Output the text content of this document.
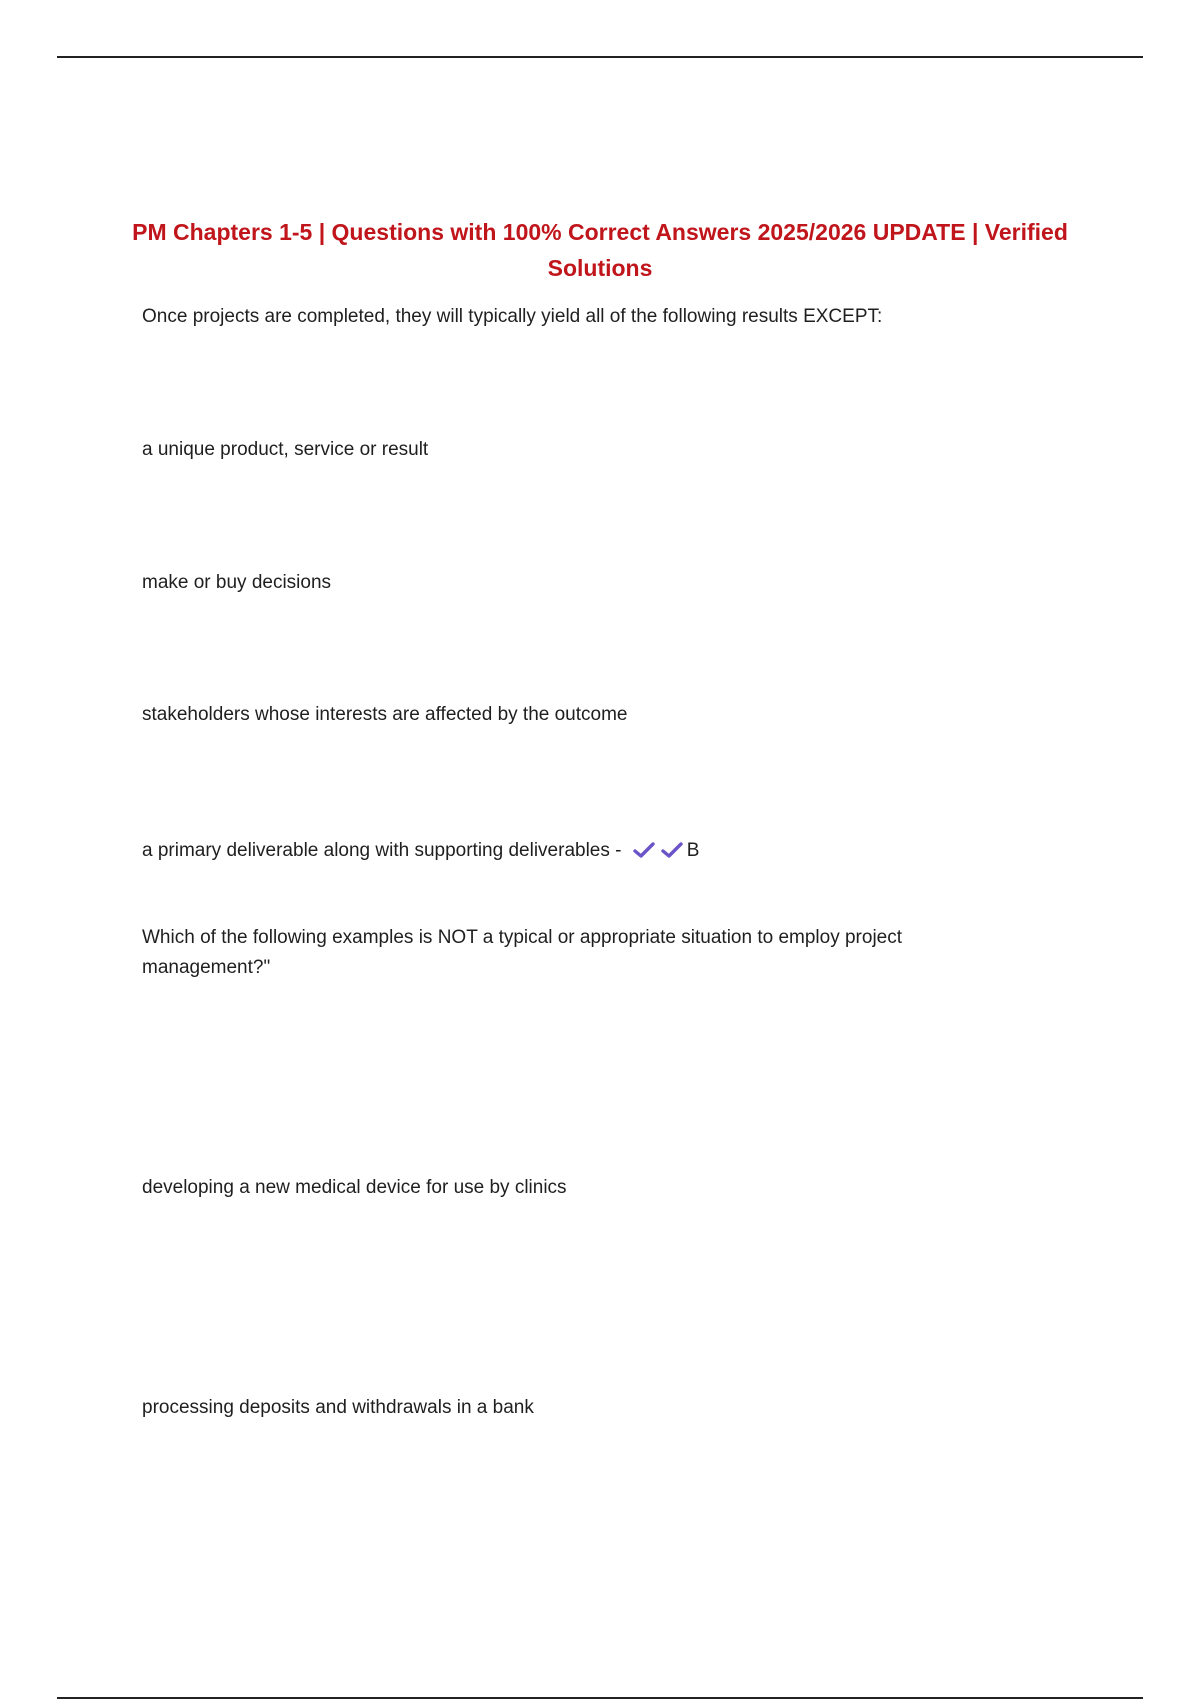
PM Chapters 1-5 | Questions with 100% Correct Answers 2025/2026 UPDATE | Verified Solutions

Once projects are completed, they will typically yield all of the following results EXCEPT:

a unique product, service or result

make or buy decisions

stakeholders whose interests are affected by the outcome

a primary deliverable along with supporting deliverables -	B

Which of the following examples is NOT a typical or appropriate situation to employ project management?"

developing a new medical device for use by clinics

processing deposits and withdrawals in a bank
